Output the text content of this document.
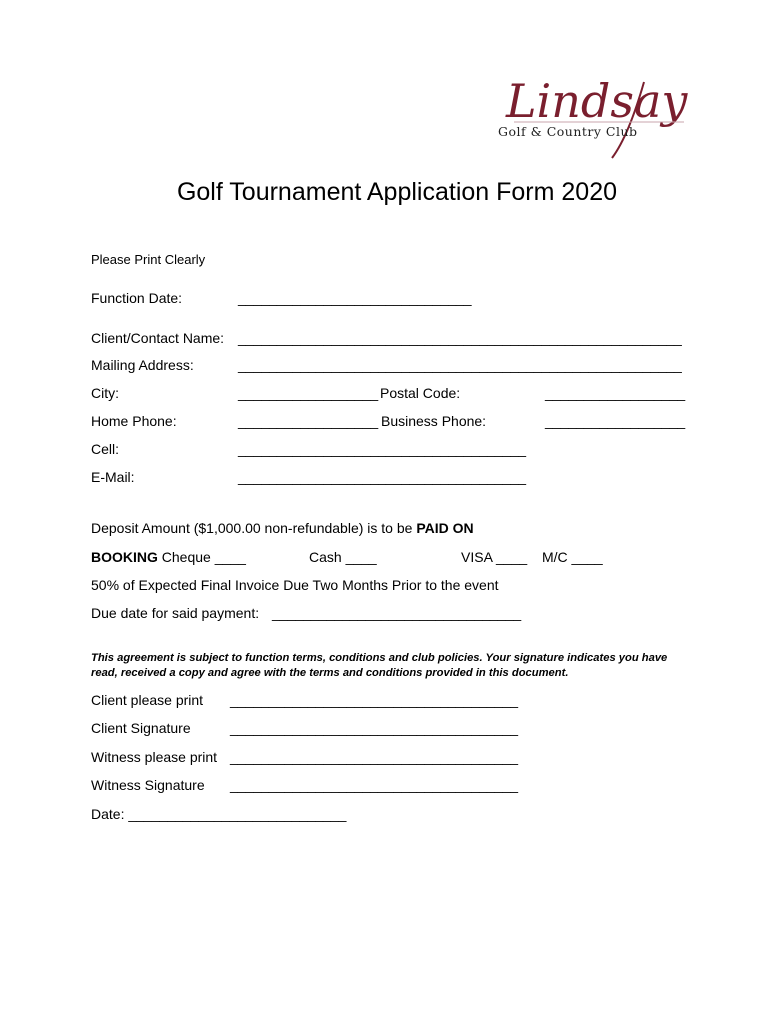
Lindsay
Golf & Country Club
Golf Tournament Application Form 2020
Please Print Clearly
Function Date:	______________________________
Client/Contact Name: _________________________________________________________
Mailing Address:	_________________________________________________________
City:	__________________ Postal Code:	__________________
Home Phone:	__________________ Business Phone:	__________________
Cell:	_____________________________________
E-Mail:	_____________________________________
Deposit Amount ($1,000.00 non-refundable) is to be PAID ON
BOOKING Cheque ____	Cash ____	VISA ____ M/C ____
50% of Expected Final Invoice Due Two Months Prior to the event
Due date for said payment: ________________________________
This agreement is subject to function terms, conditions and club policies. Your signature indicates you have read, received a copy and agree with the terms and conditions provided in this document.
Client please print _____________________________________
Client Signature	_____________________________________
Witness please print _____________________________________
Witness Signature _____________________________________
Date: ____________________________
